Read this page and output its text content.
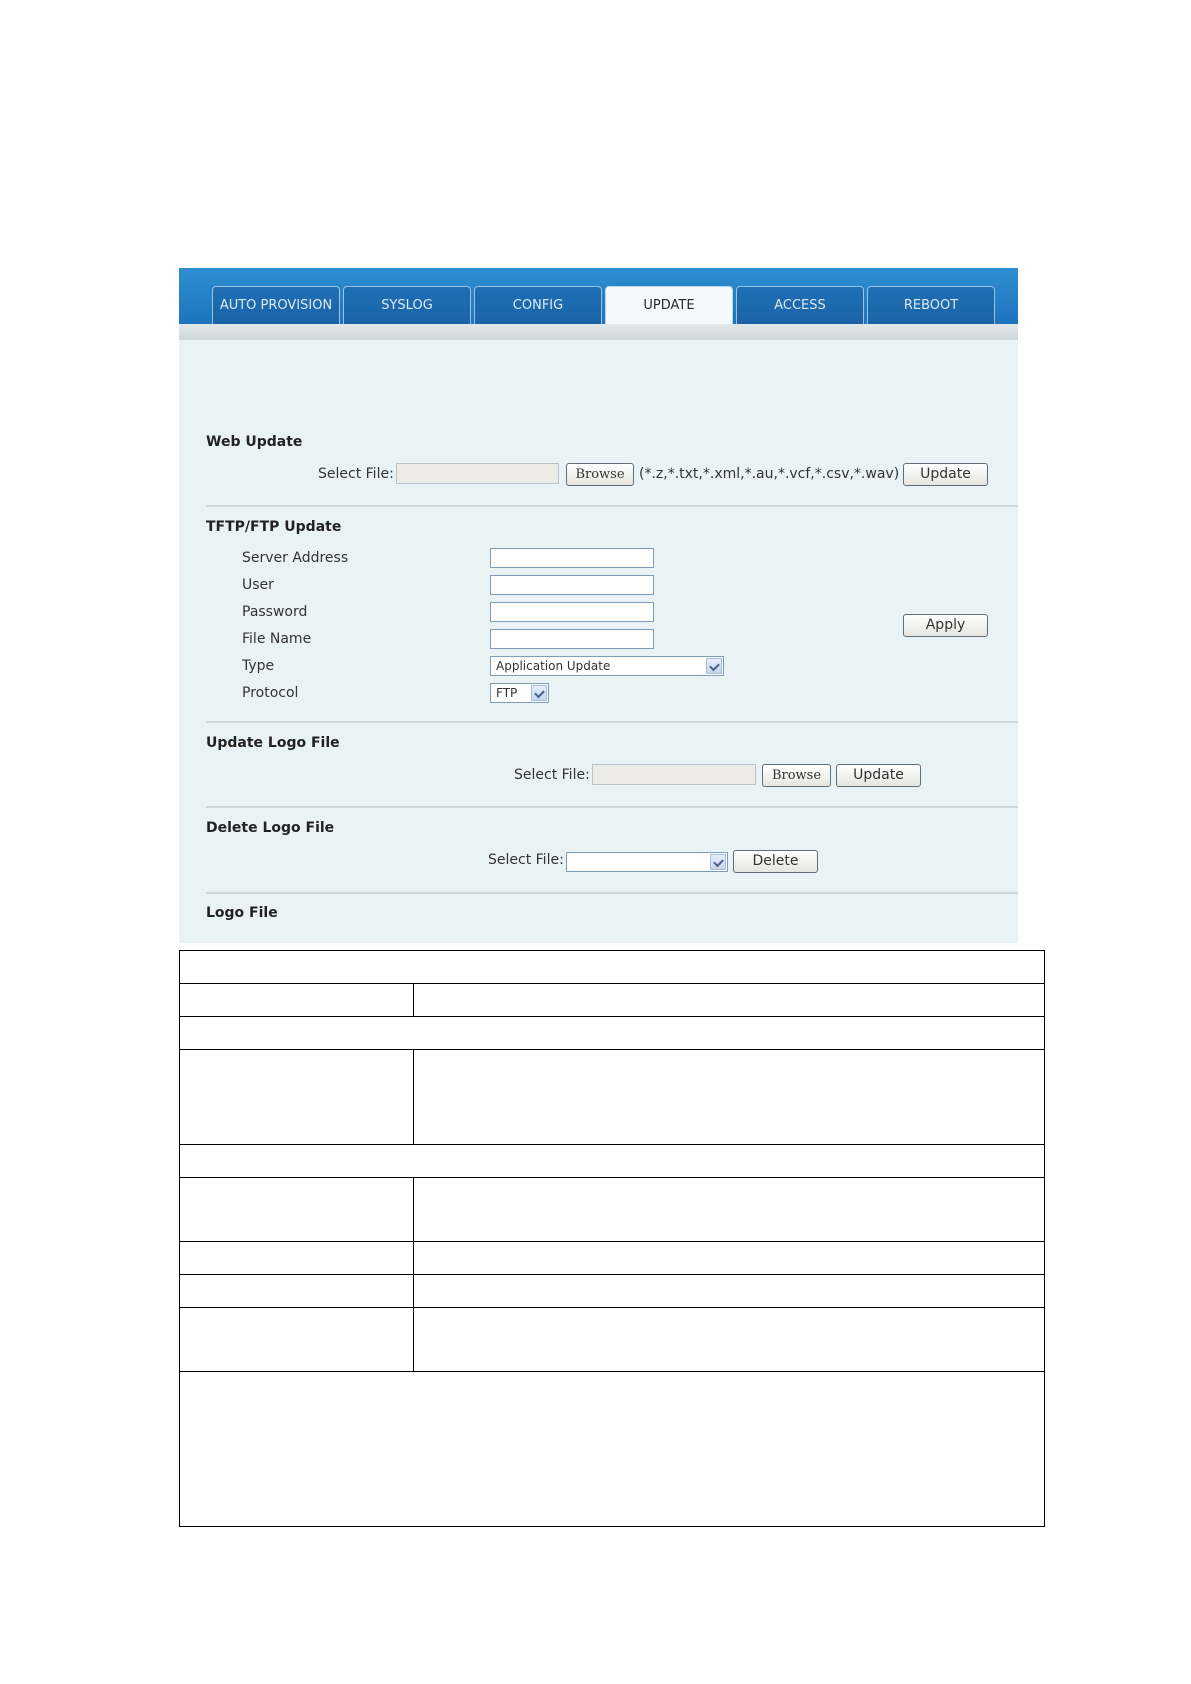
AUTO PROVISION	SYSLOG	CONFIG	UPDATE	ACCESS	REBOOT
Web Update
Select File:	Browse	(*.z,*.txt,*.xml,*.au,*.vcf,*.csv,*.wav)	Update
TFTP/FTP Update
Server Address
User
Password
File Name
Type	Application Update
Protocol	FTP
Apply
Update Logo File
Select File:	Browse	Update
Delete Logo File
Select File:	Delete
Logo File
